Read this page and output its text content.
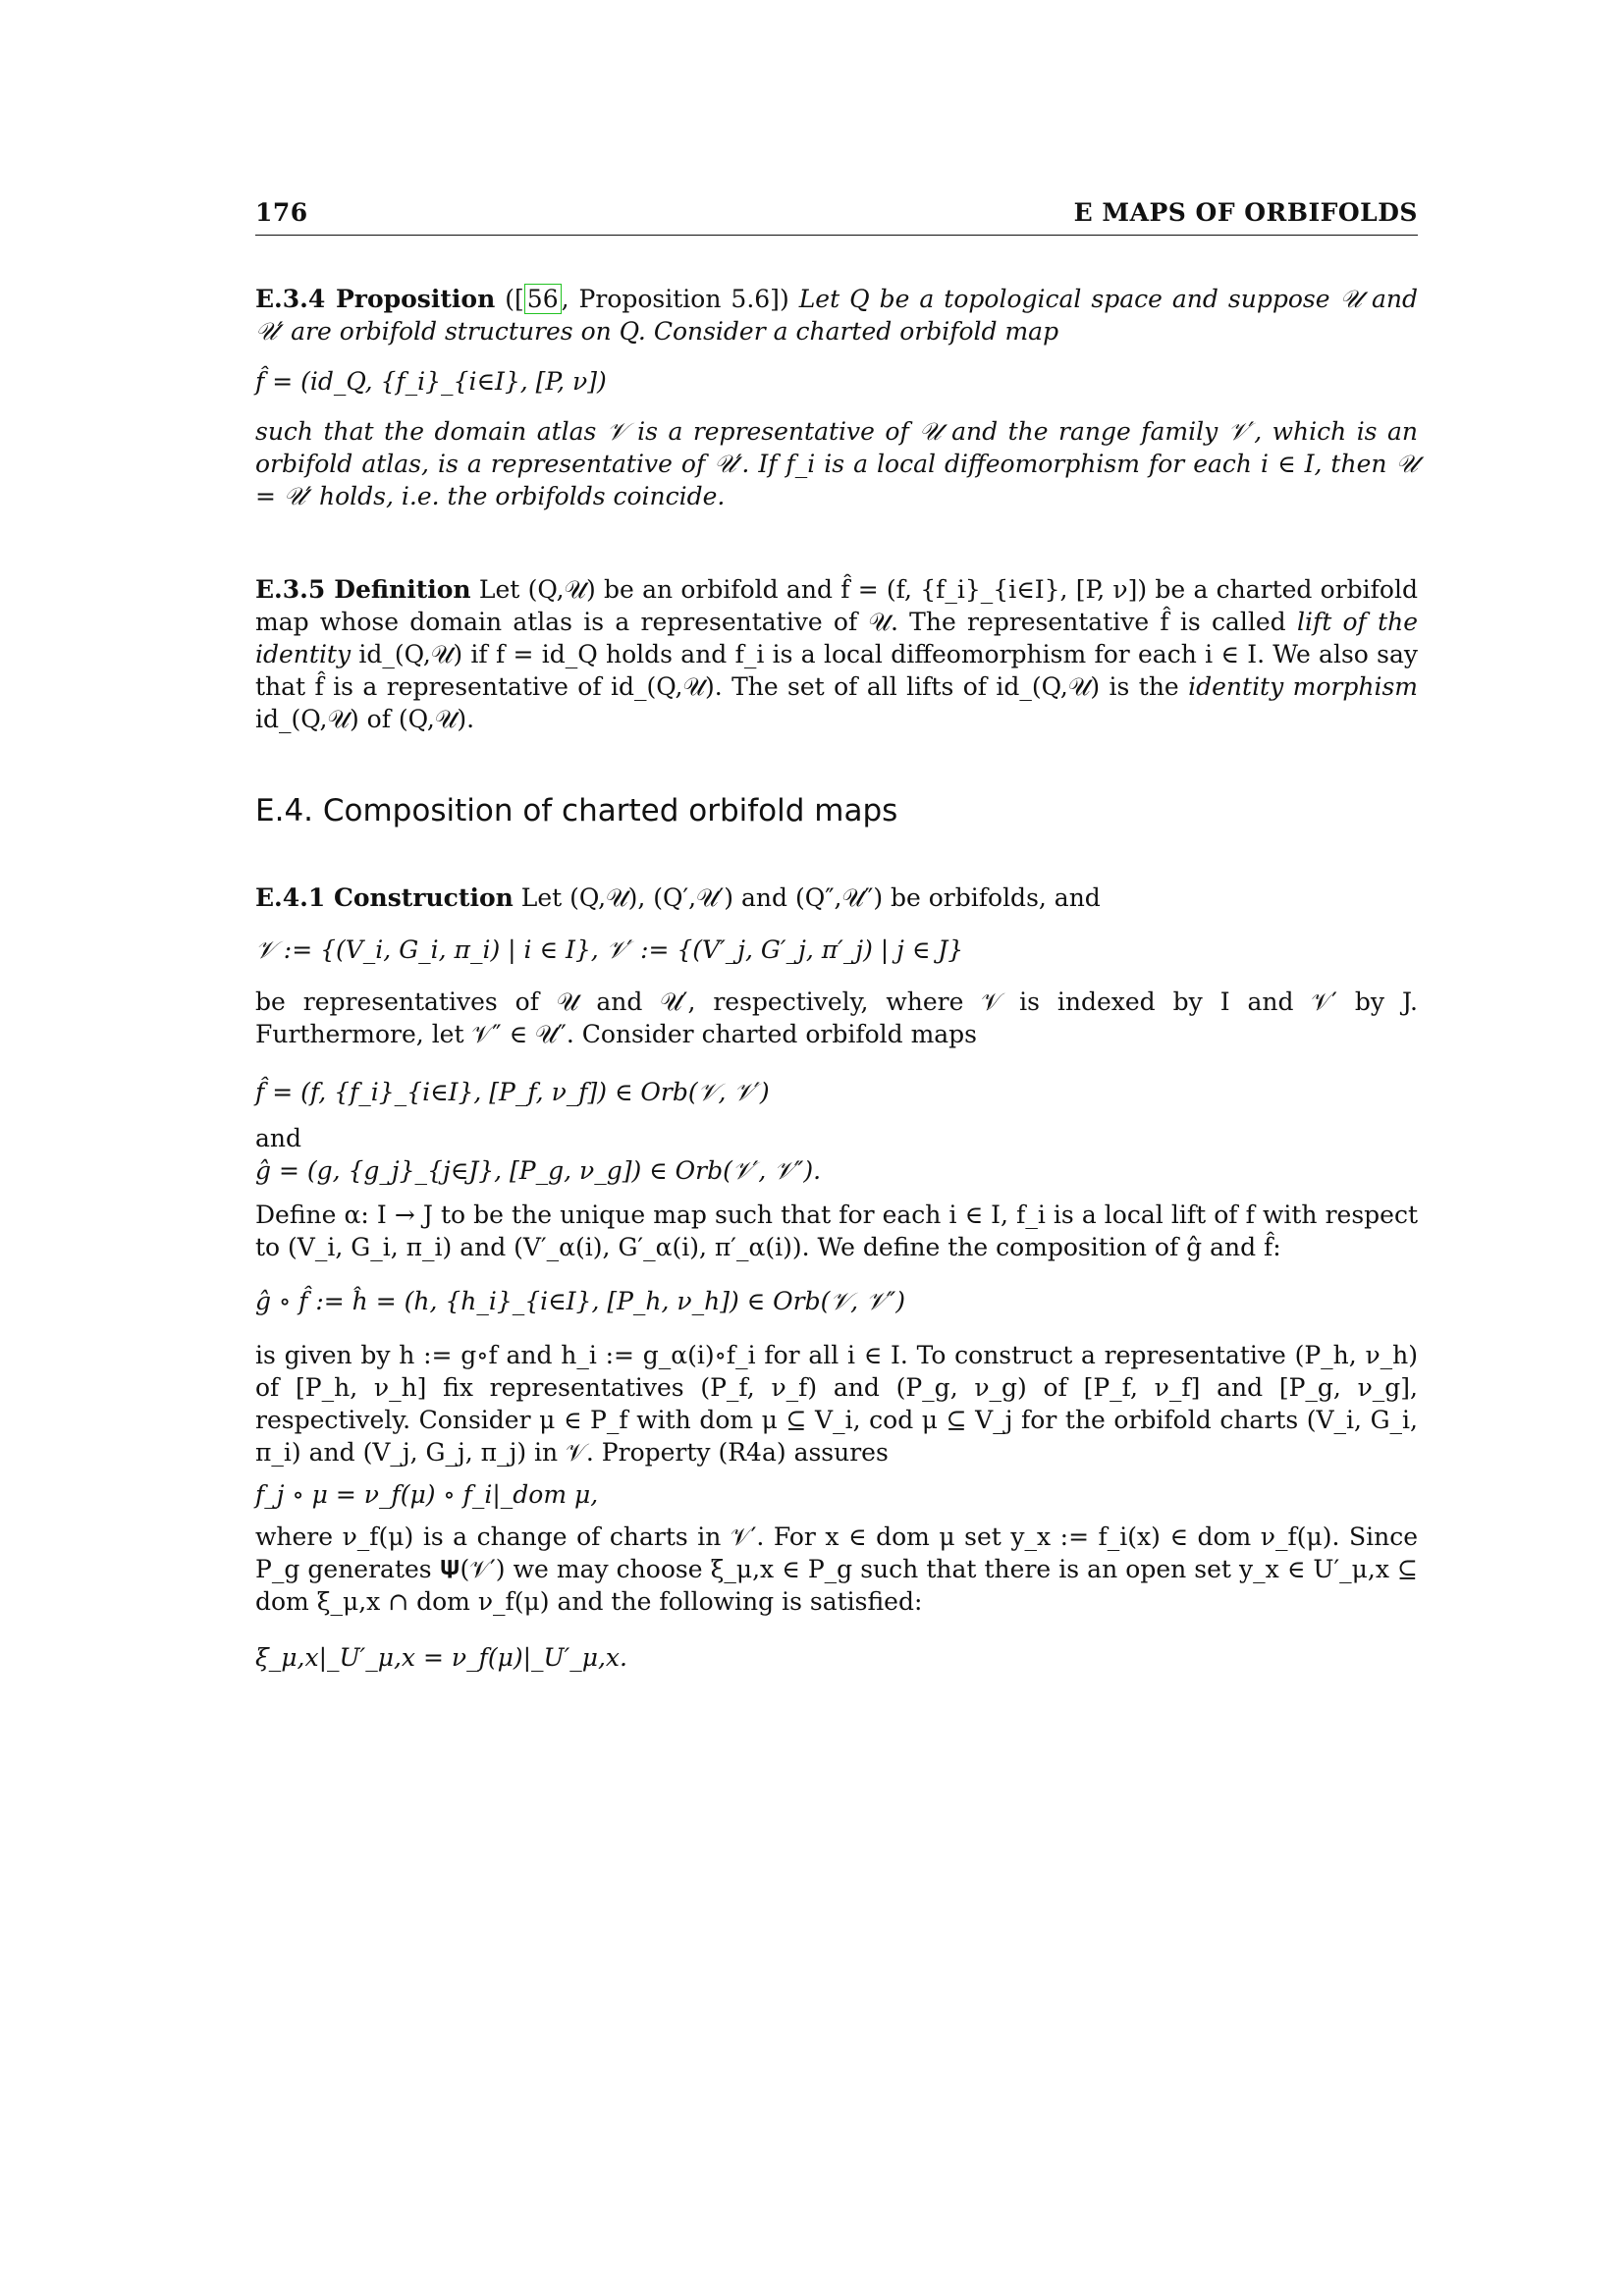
176	E MAPS OF ORBIFOLDS

E.3.4 Proposition ([ 56 , Proposition 5.6]) Let Q be a topological space and suppose 𝒰 and 𝒰′ are orbifold structures on Q. Consider a charted orbifold map

f̂ = (id_Q, {f_i}_{i∈I}, [P, ν])

such that the domain atlas 𝒱 is a representative of 𝒰 and the range family 𝒱′, which is an orbifold atlas, is a representative of 𝒰′. If f_i is a local diffeomorphism for each i ∈ I, then 𝒰 = 𝒰′ holds, i.e. the orbifolds coincide.

E.3.5 Definition Let (Q,𝒰) be an orbifold and f̂ = (f, {f_i}_{i∈I}, [P, ν]) be a charted orbifold map whose domain atlas is a representative of 𝒰. The representative f̂ is called lift of the identity id_(Q,𝒰) if f = id_Q holds and f_i is a local diffeomorphism for each i ∈ I. We also say that f̂ is a representative of id_(Q,𝒰). The set of all lifts of id_(Q,𝒰) is the identity morphism id_(Q,𝒰) of (Q,𝒰).

E.4. Composition of charted orbifold maps

E.4.1 Construction Let (Q,𝒰), (Q′,𝒰′) and (Q″,𝒰″) be orbifolds, and

𝒱 := {(V_i, G_i, π_i) | i ∈ I}, 𝒱′ := {(V′_j, G′_j, π′_j) | j ∈ J}

be representatives of 𝒰 and 𝒰′, respectively, where 𝒱 is indexed by I and 𝒱′ by J. Furthermore, let 𝒱″ ∈ 𝒰″. Consider charted orbifold maps

f̂ = (f, {f_i}_{i∈I}, [P_f, ν_f]) ∈ Orb(𝒱, 𝒱′)

and

ĝ = (g, {g_j}_{j∈J}, [P_g, ν_g]) ∈ Orb(𝒱′, 𝒱″).

Define α: I → J to be the unique map such that for each i ∈ I, f_i is a local lift of f with respect to (V_i, G_i, π_i) and (V′_α(i), G′_α(i), π′_α(i)). We define the composition of ĝ and f̂:

ĝ ∘ f̂ := ĥ = (h, {h_i}_{i∈I}, [P_h, ν_h]) ∈ Orb(𝒱, 𝒱″)

is given by h := g∘f and h_i := g_α(i)∘f_i for all i ∈ I. To construct a representative (P_h, ν_h) of [P_h, ν_h] fix representatives (P_f, ν_f) and (P_g, ν_g) of [P_f, ν_f] and [P_g, ν_g], respectively. Consider μ ∈ P_f with dom μ ⊆ V_i, cod μ ⊆ V_j for the orbifold charts (V_i, G_i, π_i) and (V_j, G_j, π_j) in 𝒱. Property (R4a) assures

f_j ∘ μ = ν_f(μ) ∘ f_i|_dom μ,

where ν_f(μ) is a change of charts in 𝒱′. For x ∈ dom μ set y_x := f_i(x) ∈ dom ν_f(μ). Since P_g generates 𝚿(𝒱′) we may choose ξ_μ,x ∈ P_g such that there is an open set y_x ∈ U′_μ,x ⊆ dom ξ_μ,x ∩ dom ν_f(μ) and the following is satisfied:

ξ_μ,x|_U′_μ,x = ν_f(μ)|_U′_μ,x.
